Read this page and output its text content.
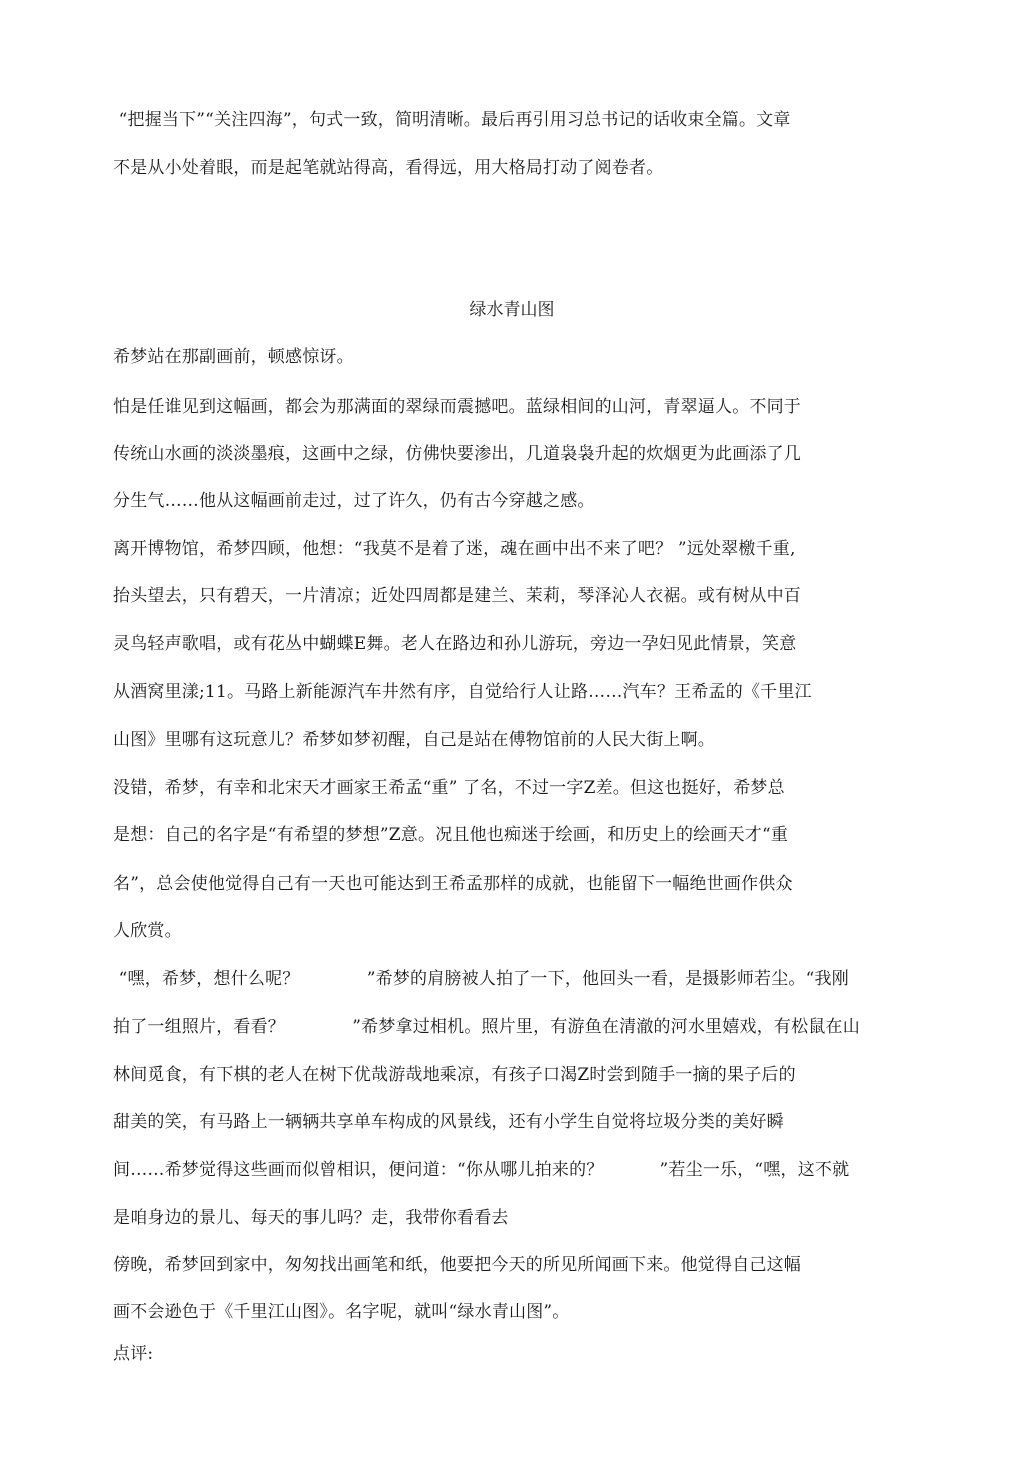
“把握当下”“关注四海”，句式一致，简明清晰。最后再引用习总书记的话收束全篇。文章
不是从小处着眼，而是起笔就站得高，看得远，用大格局打动了阅卷者。
绿水青山图
希梦站在那副画前，顿感惊讶。
怕是任谁见到这幅画，都会为那满面的翠绿而震撼吧。蓝绿相间的山河，青翠逼人。不同于
传统山水画的淡淡墨痕，这画中之绿，仿佛快要渗出，几道袅袅升起的炊烟更为此画添了几
分生气……他从这幅画前走过，过了许久，仍有古今穿越之感。
离开博物馆，希梦四顾，他想：“我莫不是着了迷，魂在画中出不来了吧？ ”远处翠檄千重,
抬头望去，只有碧天，一片清凉；近处四周都是建兰、茉莉，琴泽沁人衣裾。或有树从中百
灵鸟轻声歌唱，或有花丛中蝴蝶E舞。老人在路边和孙儿游玩，旁边一孕妇见此情景，笑意
从酒窝里漾;11。马路上新能源汽车井然有序，自觉给行人让路……汽车？王希孟的《千里江
山图》里哪有这玩意儿？希梦如梦初醒，自己是站在傅物馆前的人民大街上啊。
没错，希梦，有幸和北宋天才画家王希孟“重” 了名，不过一字Z差。但这也挺好，希梦总
是想：自己的名字是“有希望的梦想”Z意。况且他也痴迷于绘画，和历史上的绘画天才“重
名”，总会使他觉得自己有一天也可能达到王希孟那样的成就，也能留下一幅绝世画作供众
人欣赏。
“嘿，希梦，想什么呢？            ”希梦的肩膀被人拍了一下，他回头一看，是摄影师若尘。“我刚
拍了一组照片，看看？            ”希梦拿过相机。照片里，有游鱼在清澈的河水里嬉戏，有松鼠在山
林间觅食，有下棋的老人在树下优哉游哉地乘凉，有孩子口渴Z时尝到随手一摘的果子后的
甜美的笑，有马路上一辆辆共享单车构成的风景线，还有小学生自觉将垃圾分类的美好瞬
间……希梦觉得这些画而似曾相识，便问道：“你从哪儿拍来的？          ”若尘一乐，“嘿，这不就
是咱身边的景儿、每天的事儿吗？走，我带你看看去
傍晚，希梦回到家中，匆匆找出画笔和纸，他要把今天的所见所闻画下来。他觉得自己这幅
画不会逊色于《千里江山图》。名字呢，就叫“绿水青山图”。
点评:
